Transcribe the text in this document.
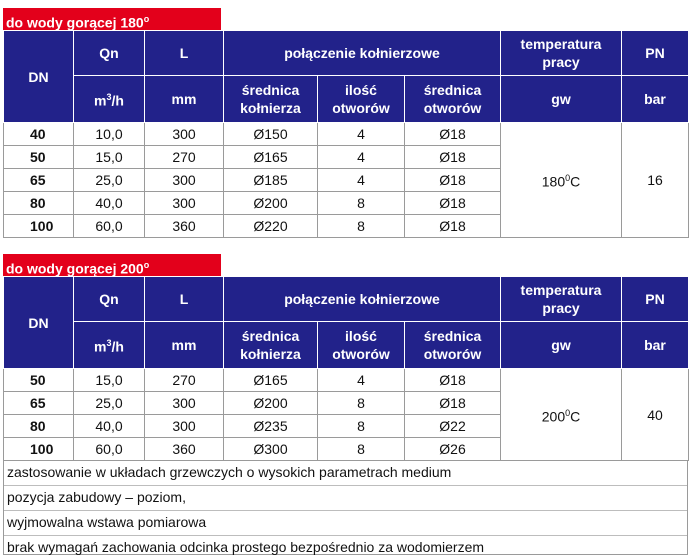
do wody gorącej 180$^o$
DN	Qn	L	połączenie kołnierzowe			temperatura pracy	PN
	$m^3/h$	mm	średnica kołnierza	ilość otworów	średnica otworów	gw	bar
40	10,0	300	Ø150	4	Ø18	$180^0C$	16
50	15,0	270	Ø165	4	Ø18		
65	25,0	300	Ø185	4	Ø18		
80	40,0	300	Ø200	8	Ø18		
100	60,0	360	Ø220	8	Ø18		
do wody gorącej 200$^o$
DN	Qn	L	połączenie kołnierzowe			temperatura pracy	PN
	$m^3/h$	mm	średnica kołnierza	ilość otworów	średnica otworów	gw	bar
50	15,0	270	Ø165	4	Ø18	$200^0C$	40
65	25,0	300	Ø200	8	Ø18		
80	40,0	300	Ø235	8	Ø22		
100	60,0	360	Ø300	8	Ø26		
zastosowanie w układach grzewczych o wysokich parametrach medium
pozycja zabudowy – poziom,
wyjmowalna wstawa pomiarowa
brak wymagań zachowania odcinka prostego bezpośrednio za wodomierzem
